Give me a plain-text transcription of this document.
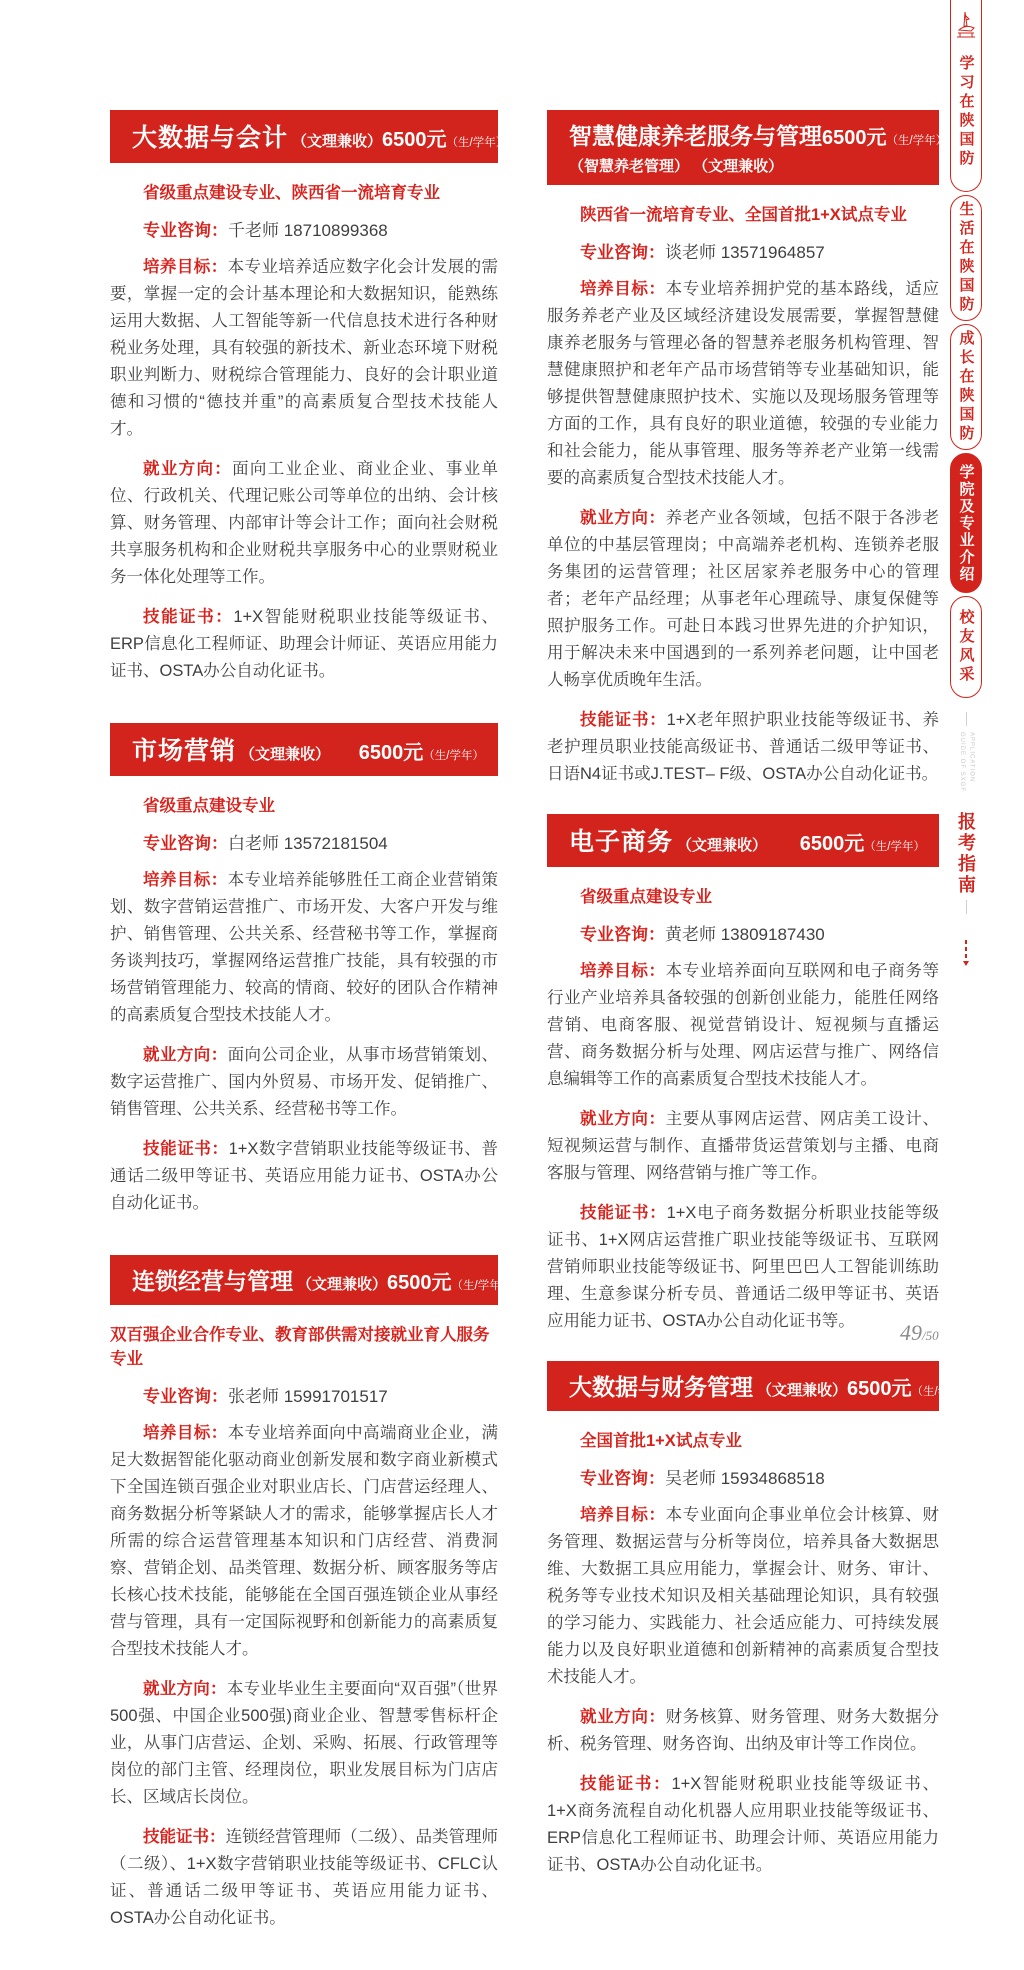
大数据与会计 （文理兼收） 6500元（生/学年）

省级重点建设专业、陕西省一流培育专业

专业咨询：千老师 18710899368

培养目标：本专业培养适应数字化会计发展的需要，掌握一定的会计基本理论和大数据知识，能熟练运用大数据、人工智能等新一代信息技术进行各种财税业务处理，具有较强的新技术、新业态环境下财税职业判断力、财税综合管理能力、良好的会计职业道德和习惯的“德技并重”的高素质复合型技术技能人才。

就业方向：面向工业企业、商业企业、事业单位、行政机关、代理记账公司等单位的出纳、会计核算、财务管理、内部审计等会计工作；面向社会财税共享服务机构和企业财税共享服务中心的业票财税业务一体化处理等工作。

技能证书：1+X智能财税职业技能等级证书、ERP信息化工程师证、助理会计师证、英语应用能力证书、OSTA办公自动化证书。

市场营销 （文理兼收） 6500元（生/学年）

省级重点建设专业

专业咨询：白老师 13572181504

培养目标：本专业培养能够胜任工商企业营销策划、数字营销运营推广、市场开发、大客户开发与维护、销售管理、公共关系、经营秘书等工作，掌握商务谈判技巧，掌握网络运营推广技能，具有较强的市场营销管理能力、较高的情商、较好的团队合作精神的高素质复合型技术技能人才。

就业方向：面向公司企业，从事市场营销策划、数字运营推广、国内外贸易、市场开发、促销推广、销售管理、公共关系、经营秘书等工作。

技能证书：1+X数字营销职业技能等级证书、普通话二级甲等证书、英语应用能力证书、OSTA办公自动化证书。

连锁经营与管理 （文理兼收） 6500元（生/学年）

双百强企业合作专业、教育部供需对接就业育人服务专业

专业咨询：张老师 15991701517

培养目标：本专业培养面向中高端商业企业，满足大数据智能化驱动商业创新发展和数字商业新模式下全国连锁百强企业对职业店长、门店营运经理人、商务数据分析等紧缺人才的需求，能够掌握店长人才所需的综合运营管理基本知识和门店经营、消费洞察、营销企划、品类管理、数据分析、顾客服务等店长核心技术技能，能够能在全国百强连锁企业从事经营与管理，具有一定国际视野和创新能力的高素质复合型技术技能人才。

就业方向：本专业毕业生主要面向“双百强”（世界500强、中国企业500强)商业企业、智慧零售标杆企业，从事门店营运、企划、采购、拓展、行政管理等岗位的部门主管、经理岗位，职业发展目标为门店店长、区域店长岗位。

技能证书：连锁经营管理师（二级）、品类管理师（二级）、1+X数字营销职业技能等级证书、CFLC认证、普通话二级甲等证书、英语应用能力证书、OSTA办公自动化证书。

智慧健康养老服务与管理 6500元（生/学年）
（智慧养老管理） （文理兼收）

陕西省一流培育专业、全国首批1+X试点专业

专业咨询：谈老师 13571964857

培养目标：本专业培养拥护党的基本路线，适应服务养老产业及区域经济建设发展需要，掌握智慧健康养老服务与管理必备的智慧养老服务机构管理、智慧健康照护和老年产品市场营销等专业基础知识，能够提供智慧健康照护技术、实施以及现场服务管理等方面的工作，具有良好的职业道德，较强的专业能力和社会能力，能从事管理、服务等养老产业第一线需要的高素质复合型技术技能人才。

就业方向：养老产业各领域，包括不限于各涉老单位的中基层管理岗；中高端养老机构、连锁养老服务集团的运营管理；社区居家养老服务中心的管理者；老年产品经理；从事老年心理疏导、康复保健等照护服务工作。可赴日本践习世界先进的介护知识，用于解决未来中国遇到的一系列养老问题，让中国老人畅享优质晚年生活。

技能证书：1+X老年照护职业技能等级证书、养老护理员职业技能高级证书、普通话二级甲等证书、日语N4证书或J.TEST– F级、OSTA办公自动化证书。

电子商务 （文理兼收） 6500元（生/学年）

省级重点建设专业

专业咨询：黄老师 13809187430

培养目标：本专业培养面向互联网和电子商务等行业产业培养具备较强的创新创业能力，能胜任网络营销、电商客服、视觉营销设计、短视频与直播运营、商务数据分析与处理、网店运营与推广、网络信息编辑等工作的高素质复合型技术技能人才。

就业方向：主要从事网店运营、网店美工设计、短视频运营与制作、直播带货运营策划与主播、电商客服与管理、网络营销与推广等工作。

技能证书：1+X电子商务数据分析职业技能等级证书、1+X网店运营推广职业技能等级证书、互联网营销师职业技能等级证书、阿里巴巴人工智能训练助理、生意参谋分析专员、普通话二级甲等证书、英语应用能力证书、OSTA办公自动化证书等。

大数据与财务管理 （文理兼收） 6500元（生/学年）

全国首批1+X试点专业

专业咨询：吴老师 15934868518

培养目标：本专业面向企事业单位会计核算、财务管理、数据运营与分析等岗位，培养具备大数据思维、大数据工具应用能力，掌握会计、财务、审计、税务等专业技术知识及相关基础理论知识，具有较强的学习能力、实践能力、社会适应能力、可持续发展能力以及良好职业道德和创新精神的高素质复合型技术技能人才。

就业方向：财务核算、财务管理、财务大数据分析、税务管理、财务咨询、出纳及审计等工作岗位。

技能证书：1+X智能财税职业技能等级证书、 1+X商务流程自动化机器人应用职业技能等级证书、ERP信息化工程师证书、助理会计师、英语应用能力证书、OSTA办公自动化证书。

学习在陕国防
生活在陕国防
成长在陕国防
学院及专业介绍
校友风采
APPLICATION GUIDE OF SXGF
报考指南
49/50
